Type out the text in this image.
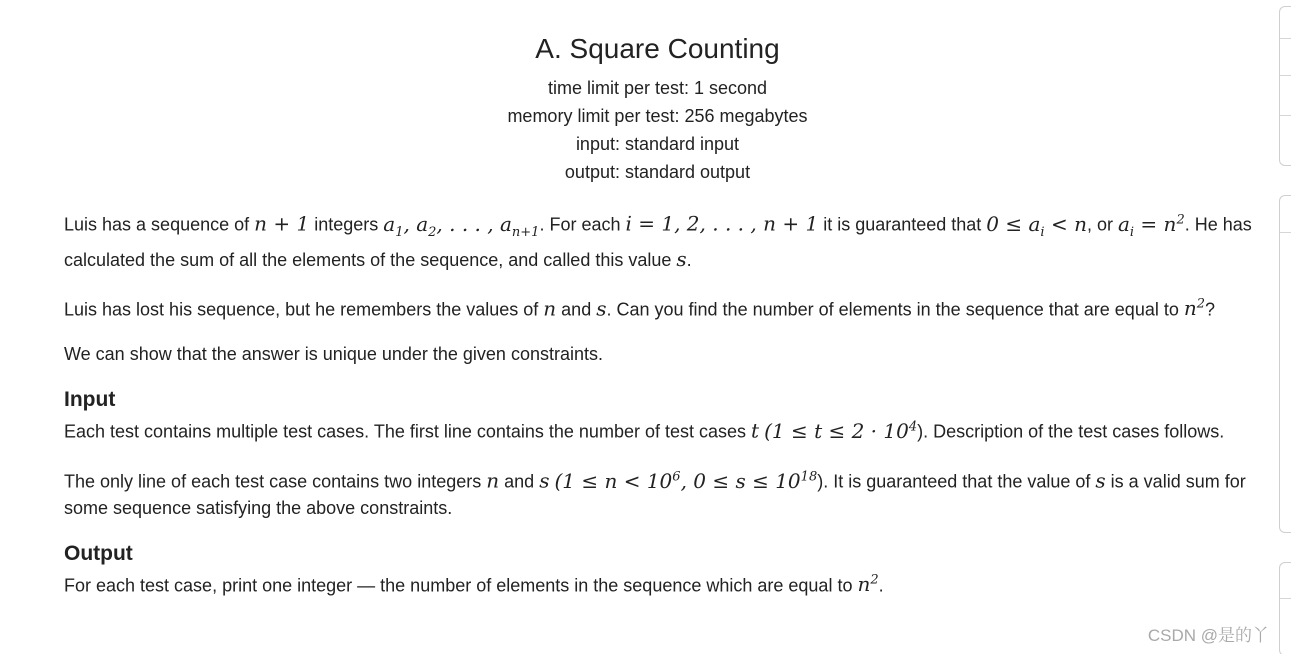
A. Square Counting
time limit per test: 1 second
memory limit per test: 256 megabytes
input: standard input
output: standard output

Luis has a sequence of n + 1 integers $a_1$, $a_2$, . . . , $a_{n+1}$. For each i = 1, 2, . . . , n + 1 it is guaranteed that $0 \le a_i < n$, or $a_i = n^2$. He has calculated the sum of all the elements of the sequence, and called this value s.

Luis has lost his sequence, but he remembers the values of n and s. Can you find the number of elements in the sequence that are equal to $n^2$?

We can show that the answer is unique under the given constraints.

Input

Each test contains multiple test cases. The first line contains the number of test cases t $(1 \le t \le 2 \cdot 10^4)$. Description of the test cases follows.

The only line of each test case contains two integers n and s ($1 \le n < 10^6$, $0 \le s \le 10^{18}$). It is guaranteed that the value of s is a valid sum for some sequence satisfying the above constraints.

Output

For each test case, print one integer — the number of elements in the sequence which are equal to $n^2$.

CSDN @是的丫
